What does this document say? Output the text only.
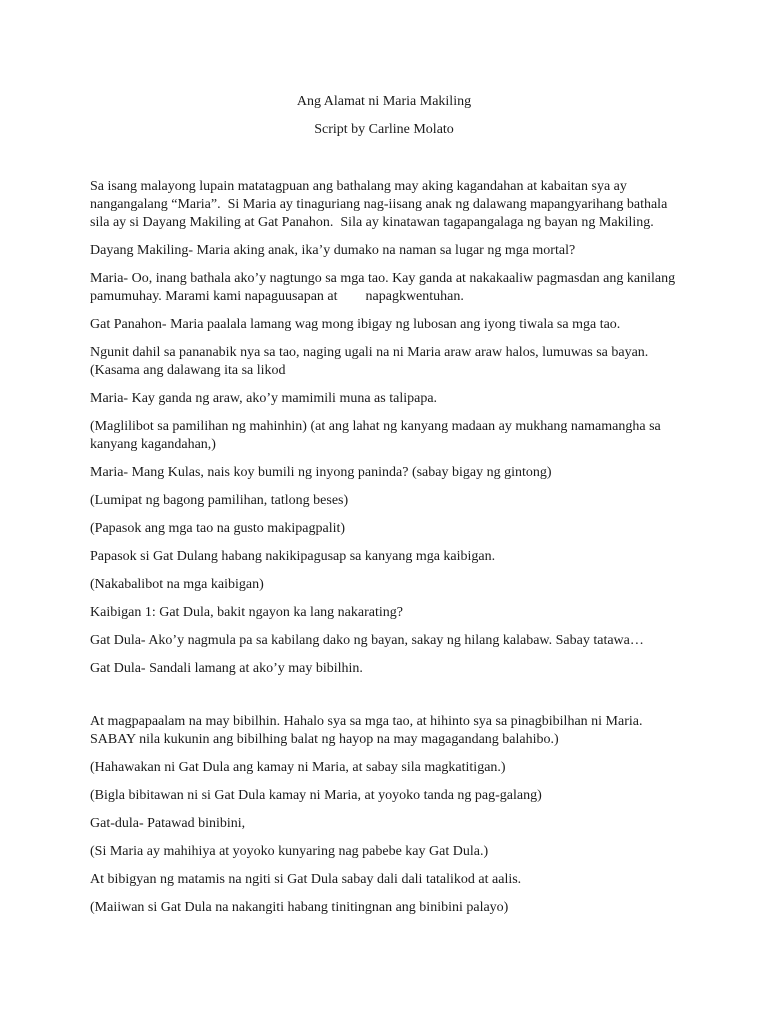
Ang Alamat ni Maria Makiling
Script by Carline Molato

Sa isang malayong lupain matatagpuan ang bathalang may aking kagandahan at kabaitan sya ay
nangangalang “Maria”.  Si Maria ay tinaguriang nag-iisang anak ng dalawang mapangyarihang bathala
sila ay si Dayang Makiling at Gat Panahon.  Sila ay kinatawan tagapangalaga ng bayan ng Makiling.

Dayang Makiling- Maria aking anak, ika’y dumako na naman sa lugar ng mga mortal?

Maria- Oo, inang bathala ako’y nagtungo sa mga tao. Kay ganda at nakakaaliw pagmasdan ang kanilang
pamumuhay. Marami kami napaguusapan at        napagkwentuhan.

Gat Panahon- Maria paalala lamang wag mong ibigay ng lubosan ang iyong tiwala sa mga tao.

Ngunit dahil sa pananabik nya sa tao, naging ugali na ni Maria araw araw halos, lumuwas sa bayan.
(Kasama ang dalawang ita sa likod

Maria- Kay ganda ng araw, ako’y mamimili muna as talipapa.

(Maglilibot sa pamilihan ng mahinhin) (at ang lahat ng kanyang madaan ay mukhang namamangha sa
kanyang kagandahan,)

Maria- Mang Kulas, nais koy bumili ng inyong paninda? (sabay bigay ng gintong)

(Lumipat ng bagong pamilihan, tatlong beses)

(Papasok ang mga tao na gusto makipagpalit)

Papasok si Gat Dulang habang nakikipagusap sa kanyang mga kaibigan.

(Nakabalibot na mga kaibigan)

Kaibigan 1: Gat Dula, bakit ngayon ka lang nakarating?

Gat Dula- Ako’y nagmula pa sa kabilang dako ng bayan, sakay ng hilang kalabaw. Sabay tatawa…

Gat Dula- Sandali lamang at ako’y may bibilhin.

At magpapaalam na may bibilhin. Hahalo sya sa mga tao, at hihinto sya sa pinagbibilhan ni Maria.
SABAY nila kukunin ang bibilhing balat ng hayop na may magagandang balahibo.)

(Hahawakan ni Gat Dula ang kamay ni Maria, at sabay sila magkatitigan.)

(Bigla bibitawan ni si Gat Dula kamay ni Maria, at yoyoko tanda ng pag-galang)

Gat-dula- Patawad binibini,

(Si Maria ay mahihiya at yoyoko kunyaring nag pabebe kay Gat Dula.)

At bibigyan ng matamis na ngiti si Gat Dula sabay dali dali tatalikod at aalis.

(Maiiwan si Gat Dula na nakangiti habang tinitingnan ang binibini palayo)
